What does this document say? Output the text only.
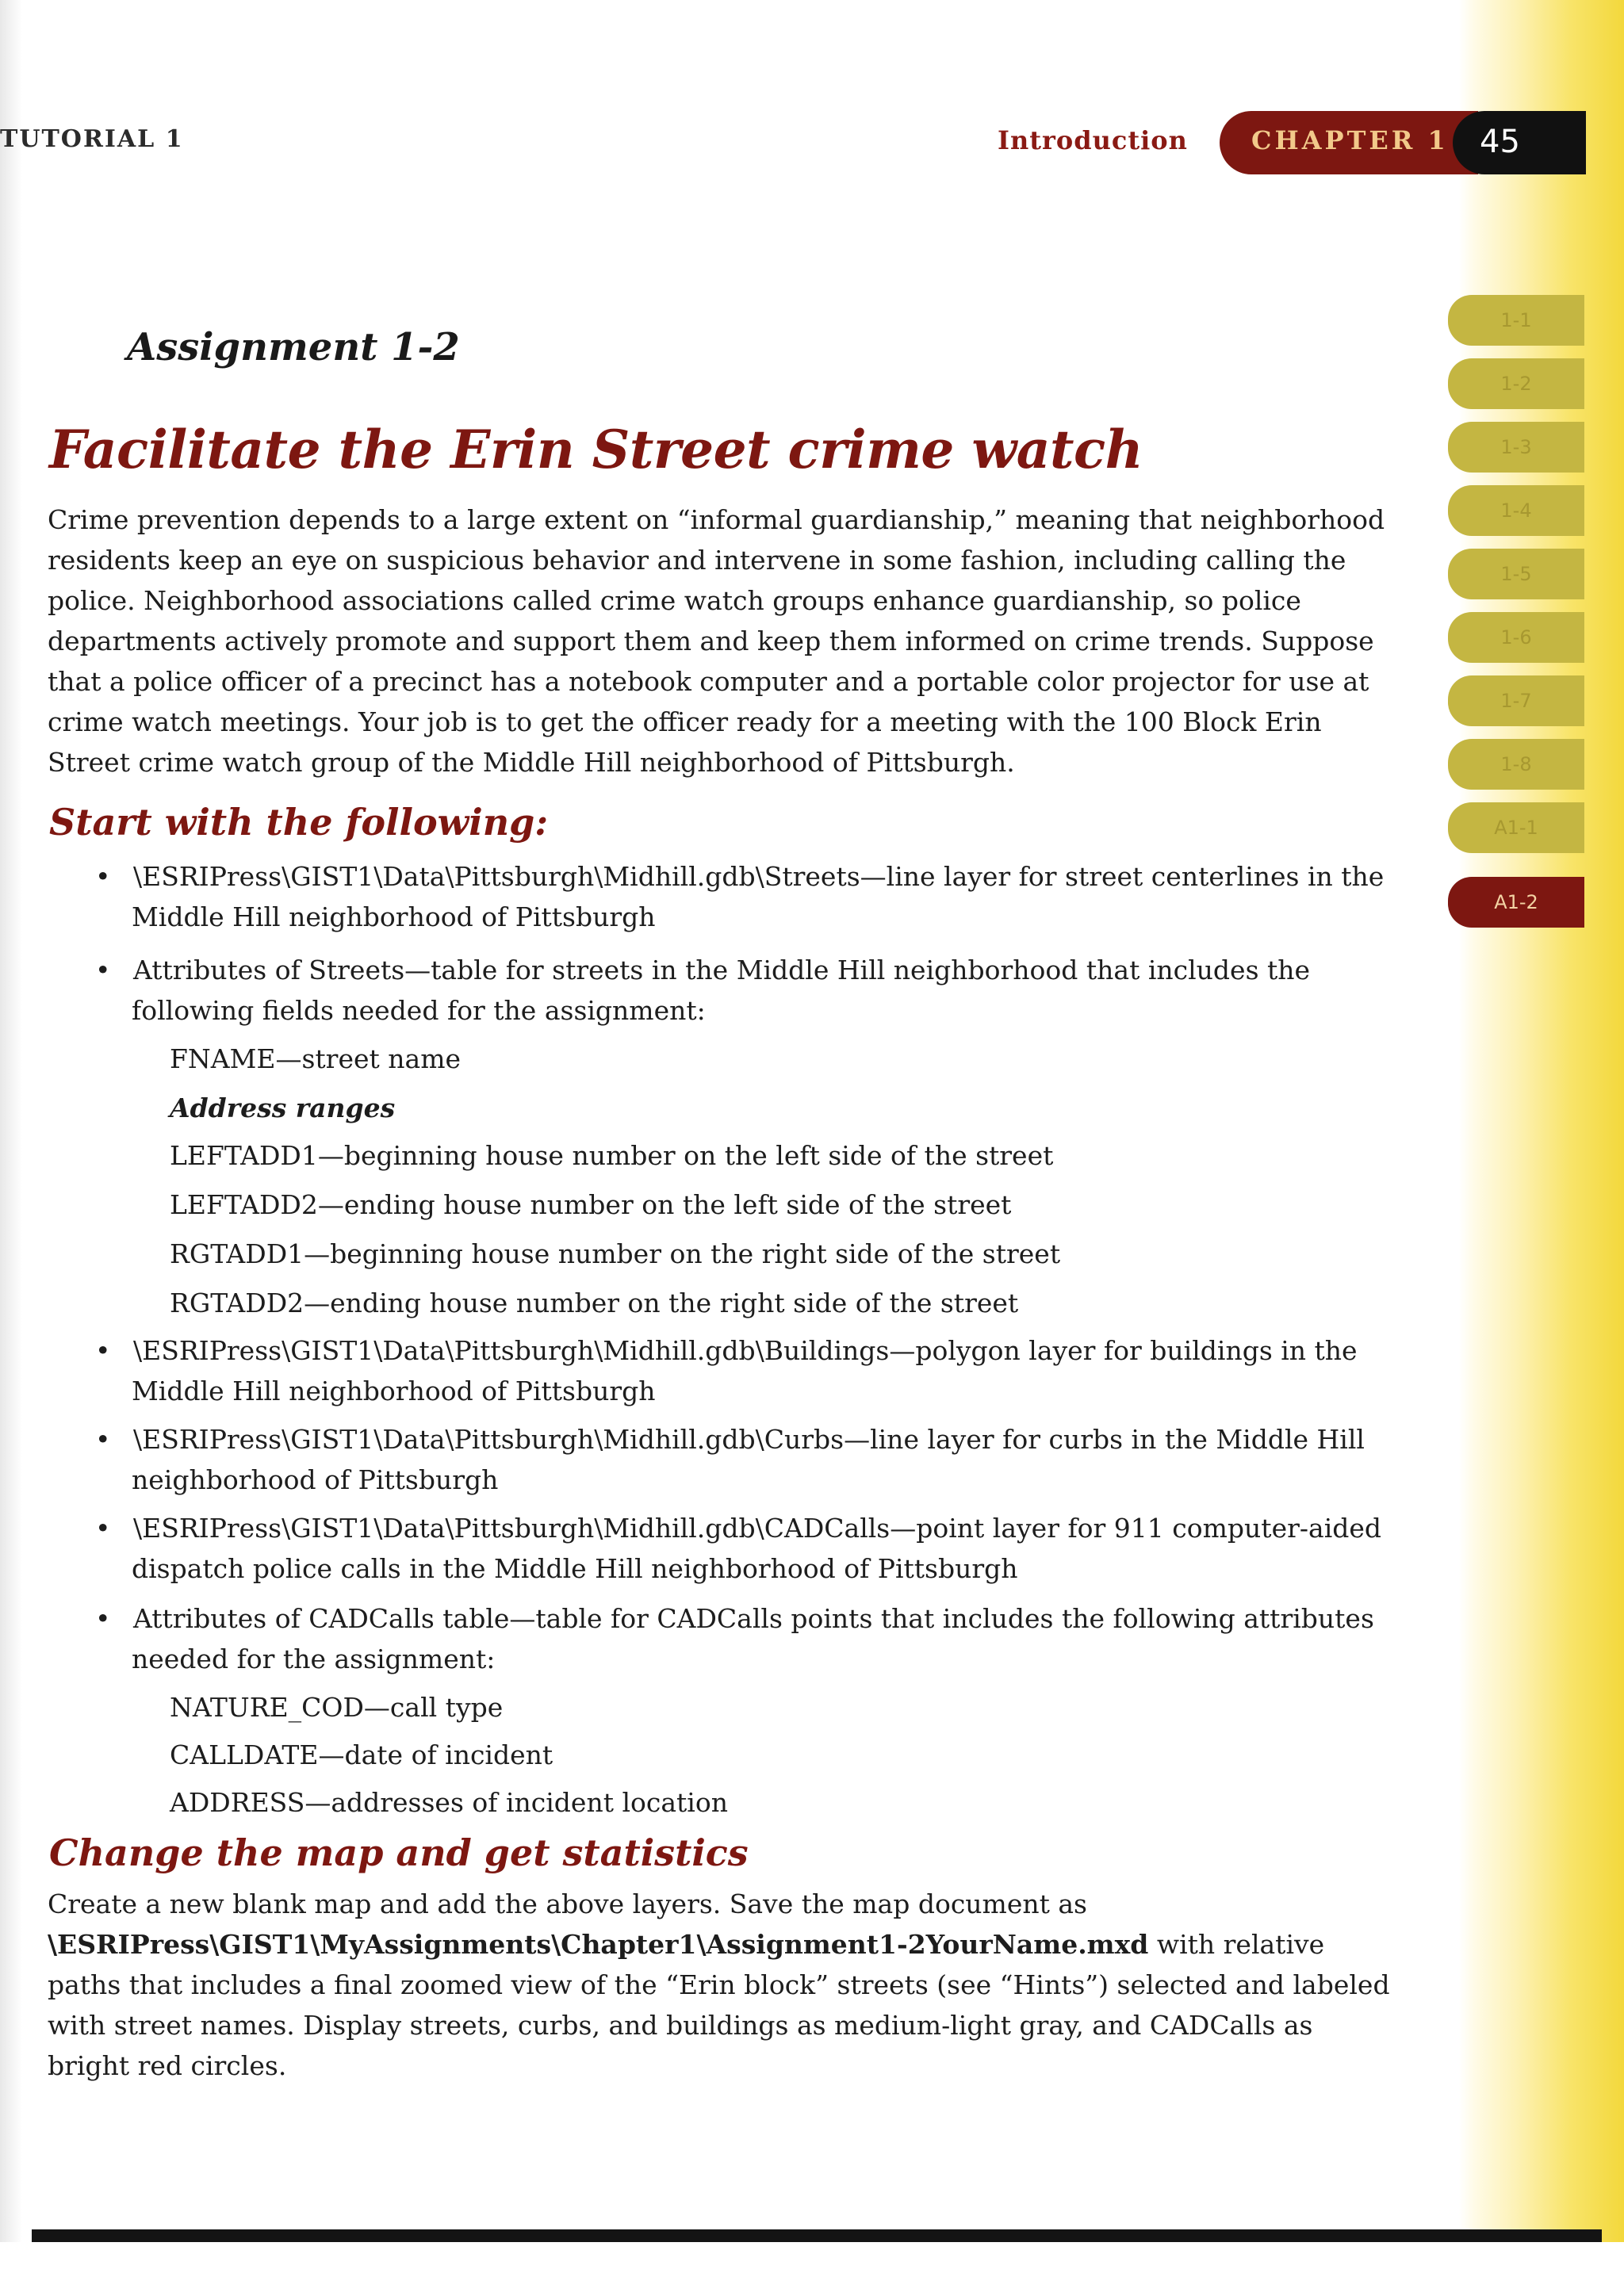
TUTORIAL 1	Introduction	CHAPTER 1 45
1-1
1-2
1-3
1-4
1-5
1-6
1-7
1-8
A1-1
A1-2
Assignment 1-2
Facilitate the Erin Street crime watch

Crime prevention depends to a large extent on “informal guardianship,” meaning that neighborhood residents keep an eye on suspicious behavior and intervene in some fashion, including calling the police. Neighborhood associations called crime watch groups enhance guardianship, so police departments actively promote and support them and keep them informed on crime trends. Suppose that a police officer of a precinct has a notebook computer and a portable color projector for use at crime watch meetings. Your job is to get the officer ready for a meeting with the 100 Block Erin Street crime watch group of the Middle Hill neighborhood of Pittsburgh.

Start with the following:

• \ESRIPress\GIST1\Data\Pittsburgh\Midhill.gdb\Streets—line layer for street centerlines in the Middle Hill neighborhood of Pittsburgh

• Attributes of Streets—table for streets in the Middle Hill neighborhood that includes the following fields needed for the assignment:

FNAME—street name

Address ranges

LEFTADD1—beginning house number on the left side of the street

LEFTADD2—ending house number on the left side of the street

RGTADD1—beginning house number on the right side of the street

RGTADD2—ending house number on the right side of the street

• \ESRIPress\GIST1\Data\Pittsburgh\Midhill.gdb\Buildings—polygon layer for buildings in the Middle Hill neighborhood of Pittsburgh

• \ESRIPress\GIST1\Data\Pittsburgh\Midhill.gdb\Curbs—line layer for curbs in the Middle Hill neighborhood of Pittsburgh

• \ESRIPress\GIST1\Data\Pittsburgh\Midhill.gdb\CADCalls—point layer for 911 computer-aided dispatch police calls in the Middle Hill neighborhood of Pittsburgh

• Attributes of CADCalls table—table for CADCalls points that includes the following attributes needed for the assignment:

NATURE_COD—call type

CALLDATE—date of incident

ADDRESS—addresses of incident location

Change the map and get statistics

Create a new blank map and add the above layers. Save the map document as \ESRIPress\GIST1\MyAssignments\Chapter1\Assignment1-2YourName.mxd with relative paths that includes a final zoomed view of the “Erin block” streets (see “Hints”) selected and labeled with street names. Display streets, curbs, and buildings as medium-light gray, and CADCalls as bright red circles.
